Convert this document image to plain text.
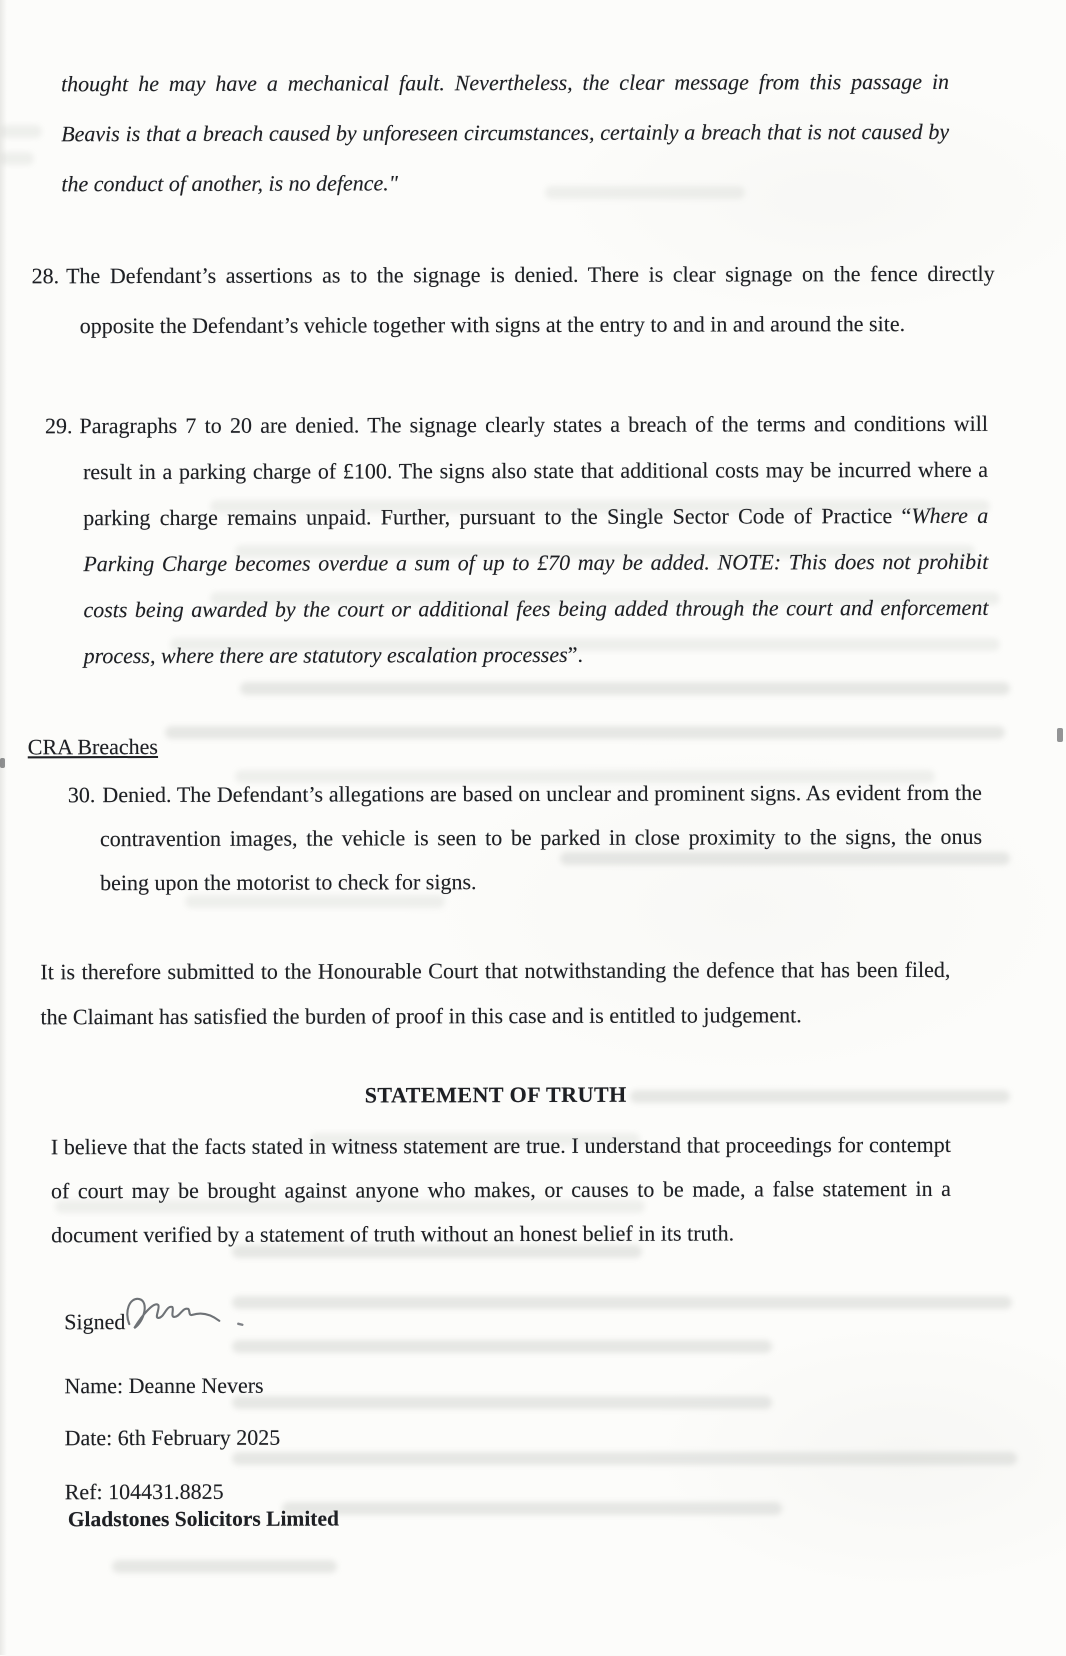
thought he may have a mechanical fault. Nevertheless, the clear message from this passage in Beavis is that a breach caused by unforeseen circumstances, certainly a breach that is not caused by the conduct of another, is no defence."

28. The Defendant’s assertions as to the signage is denied. There is clear signage on the fence directly opposite the Defendant’s vehicle together with signs at the entry to and in and around the site.

29. Paragraphs 7 to 20 are denied. The signage clearly states a breach of the terms and conditions will result in a parking charge of £100. The signs also state that additional costs may be incurred where a parking charge remains unpaid. Further, pursuant to the Single Sector Code of Practice “Where a Parking Charge becomes overdue a sum of up to £70 may be added. NOTE: This does not prohibit costs being awarded by the court or additional fees being added through the court and enforcement process, where there are statutory escalation processes”.

CRA Breaches

30. Denied. The Defendant’s allegations are based on unclear and prominent signs. As evident from the contravention images, the vehicle is seen to be parked in close proximity to the signs, the onus being upon the motorist to check for signs.

It is therefore submitted to the Honourable Court that notwithstanding the defence that has been filed, the Claimant has satisfied the burden of proof in this case and is entitled to judgement.

STATEMENT OF TRUTH

I believe that the facts stated in witness statement are true. I understand that proceedings for contempt of court may be brought against anyone who makes, or causes to be made, a false statement in a document verified by a statement of truth without an honest belief in its truth.

Signed
Name: Deanne Nevers
Date: 6th February 2025
Ref: 104431.8825
Gladstones Solicitors Limited
